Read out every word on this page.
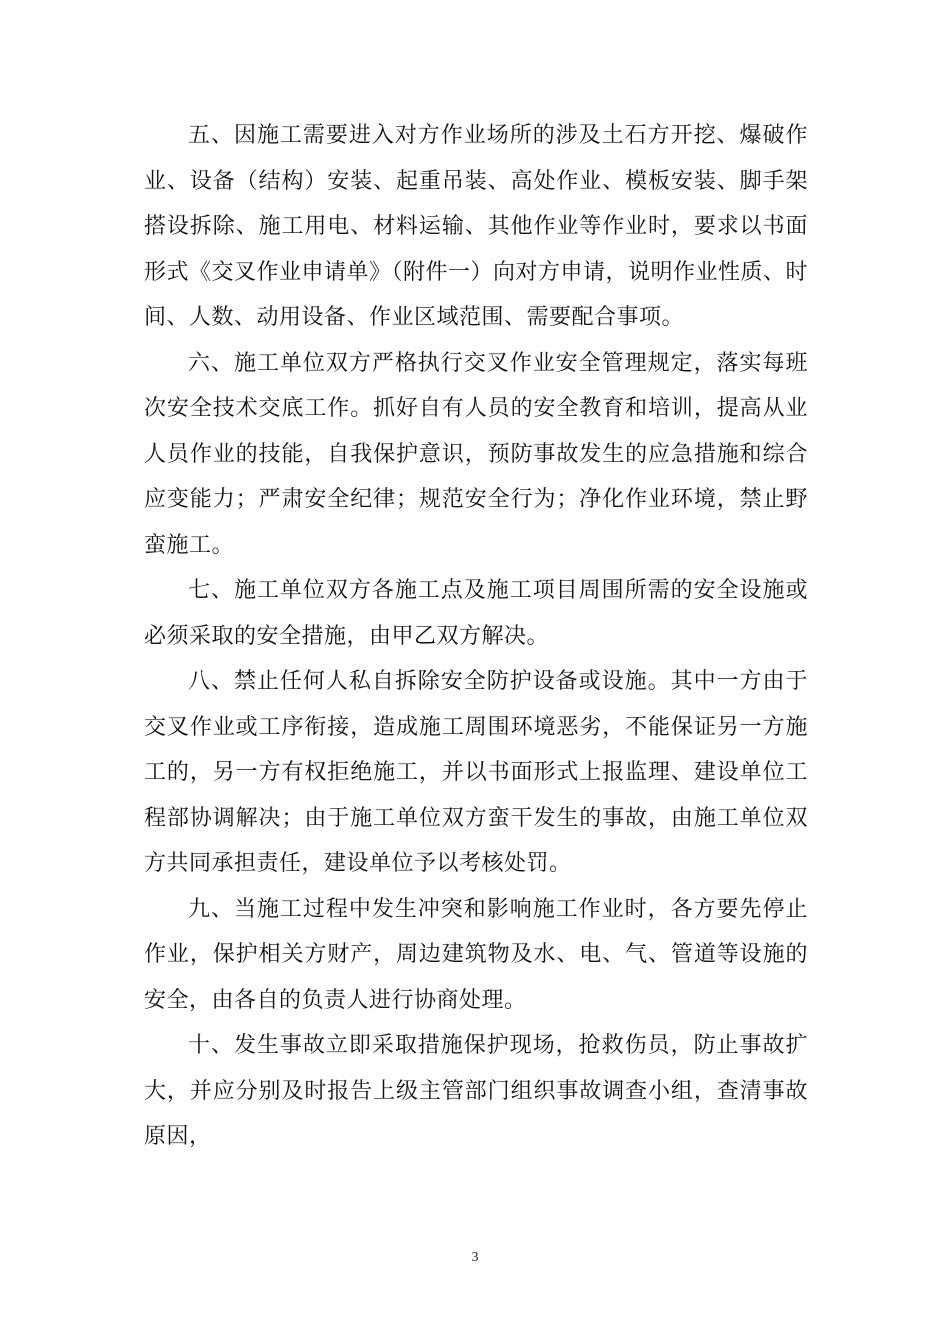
五、因施工需要进入对方作业场所的涉及土石方开挖、爆破作业、设备（结构）安装、起重吊装、高处作业、模板安装、脚手架搭设拆除、施工用电、材料运输、其他作业等作业时，要求以书面形式《交叉作业申请单》（附件一）向对方申请，说明作业性质、时间、人数、动用设备、作业区域范围、需要配合事项。

六、施工单位双方严格执行交叉作业安全管理规定，落实每班次安全技术交底工作。抓好自有人员的安全教育和培训，提高从业人员作业的技能，自我保护意识，预防事故发生的应急措施和综合应变能力；严肃安全纪律；规范安全行为；净化作业环境，禁止野蛮施工。

七、施工单位双方各施工点及施工项目周围所需的安全设施或必须采取的安全措施，由甲乙双方解决。

八、禁止任何人私自拆除安全防护设备或设施。其中一方由于交叉作业或工序衔接，造成施工周围环境恶劣，不能保证另一方施工的，另一方有权拒绝施工，并以书面形式上报监理、建设单位工程部协调解决；由于施工单位双方蛮干发生的事故，由施工单位双方共同承担责任，建设单位予以考核处罚。

九、当施工过程中发生冲突和影响施工作业时，各方要先停止作业，保护相关方财产，周边建筑物及水、电、气、管道等设施的安全，由各自的负责人进行协商处理。

十、发生事故立即采取措施保护现场，抢救伤员，防止事故扩大，并应分别及时报告上级主管部门组织事故调查小组，查清事故原因，

3
